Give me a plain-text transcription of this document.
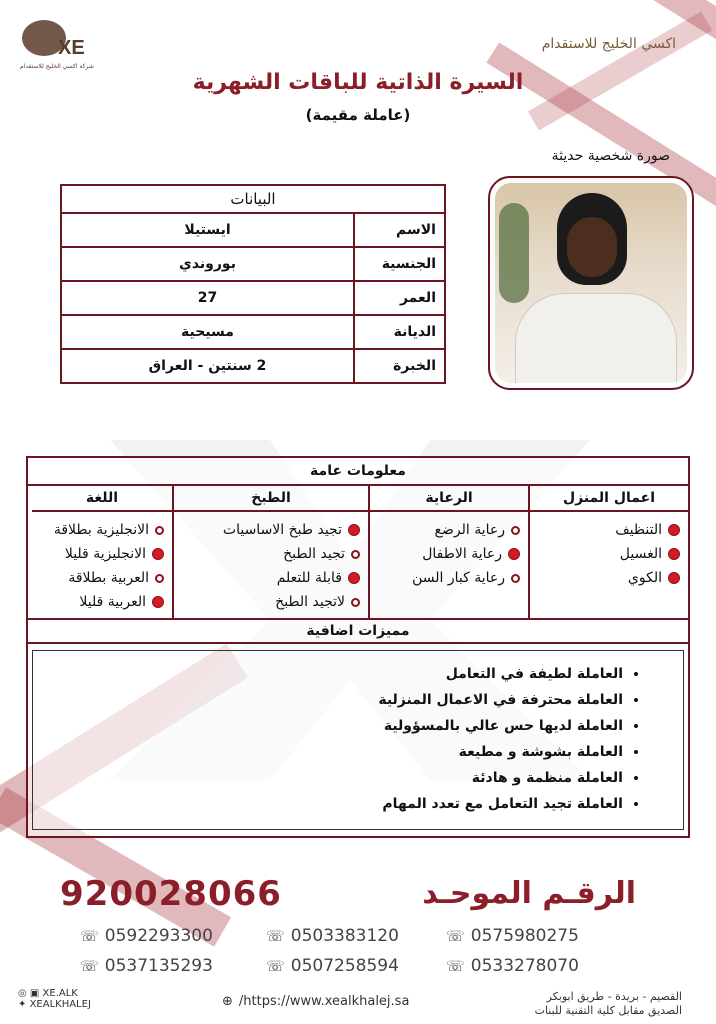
XE
شركة اكسي الخليج للاستقدام
اكسي الخليج للاستقدام
السيرة الذاتية للباقات الشهرية
(عاملة مقيمة)
صورة شخصية حديثة
البيانات	
الاسم	ايستيلا
الجنسية	بوروندي
العمر	27
الديانة	مسيحية
الخبرة	2 سنتين - العراق
معلومات عامة
اعمال المنزل
التنظيف
الغسيل
الكوي
الرعاية
رعاية الرضع
رعاية الاطفال
رعاية كبار السن
الطبخ
تجيد طبخ الاساسيات
تجيد الطبخ
قابلة للتعلم
لاتجيد الطبخ
اللغة
الانجليزية بطلاقة
الانجليزية قليلا
العربية بطلاقة
العربية قليلا
مميزات اضافية
• العاملة لطيفة في التعامل
• العاملة محترفة في الاعمال المنزلية
• العاملة لديها حس عالي بالمسؤولية
• العاملة بشوشة و مطيعة
• العاملة منظمة و هادئة
• العاملة تجيد التعامل مع تعدد المهام
الرقـم الموحـد
920028066
☏ 0592293300	☏ 0503383120	☏ 0575980275
☏ 0537135293	☏ 0507258594	☏ 0533278070
◎ ▣ XE.ALK
✦ XEALKHALEJ	⊕ /https://www.xealkhalej.sa	القصيم - بريدة - طريق ابوبكر
الصديق مقابل كلية التقنية للبنات
